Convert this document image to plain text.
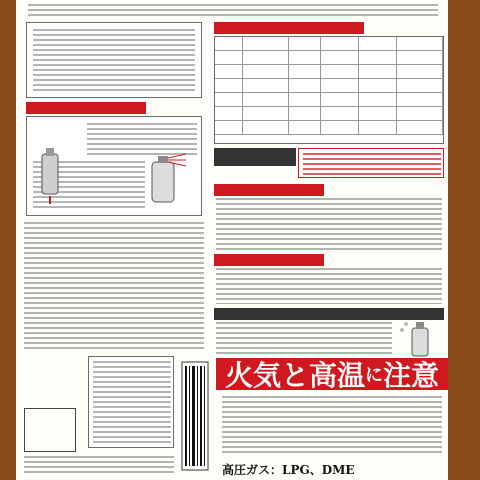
火気と 高温 に 注意
高圧ガス： LPG、DME
